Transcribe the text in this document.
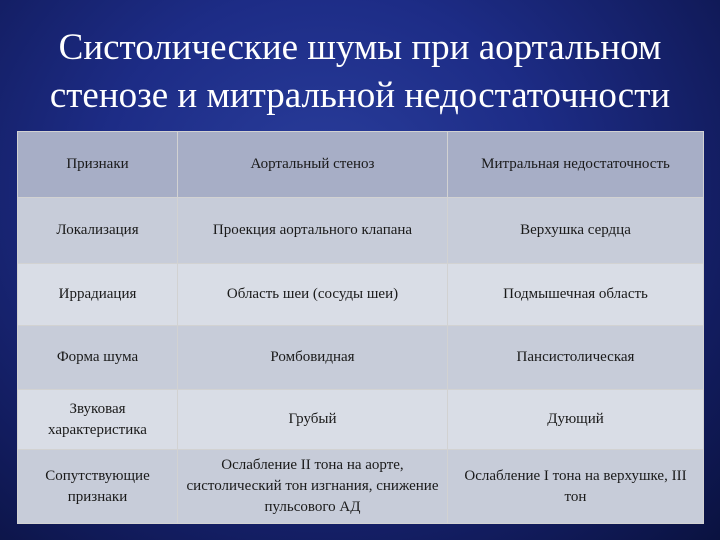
Систолические шумы при аортальном
стенозе и митральной недостаточности
Признаки	Аортальный стеноз	Митральная недостаточность
Локализация	Проекция аортального клапана	Верхушка сердца
Иррадиация	Область шеи (сосуды шеи)	Подмышечная область
Форма шума	Ромбовидная	Пансистолическая
Звуковая характеристика	Грубый	Дующий
Сопутствующие признаки	Ослабление II тона на аорте, систолический тон изгнания, снижение пульсового АД	Ослабление I тона на верхушке, III тон
